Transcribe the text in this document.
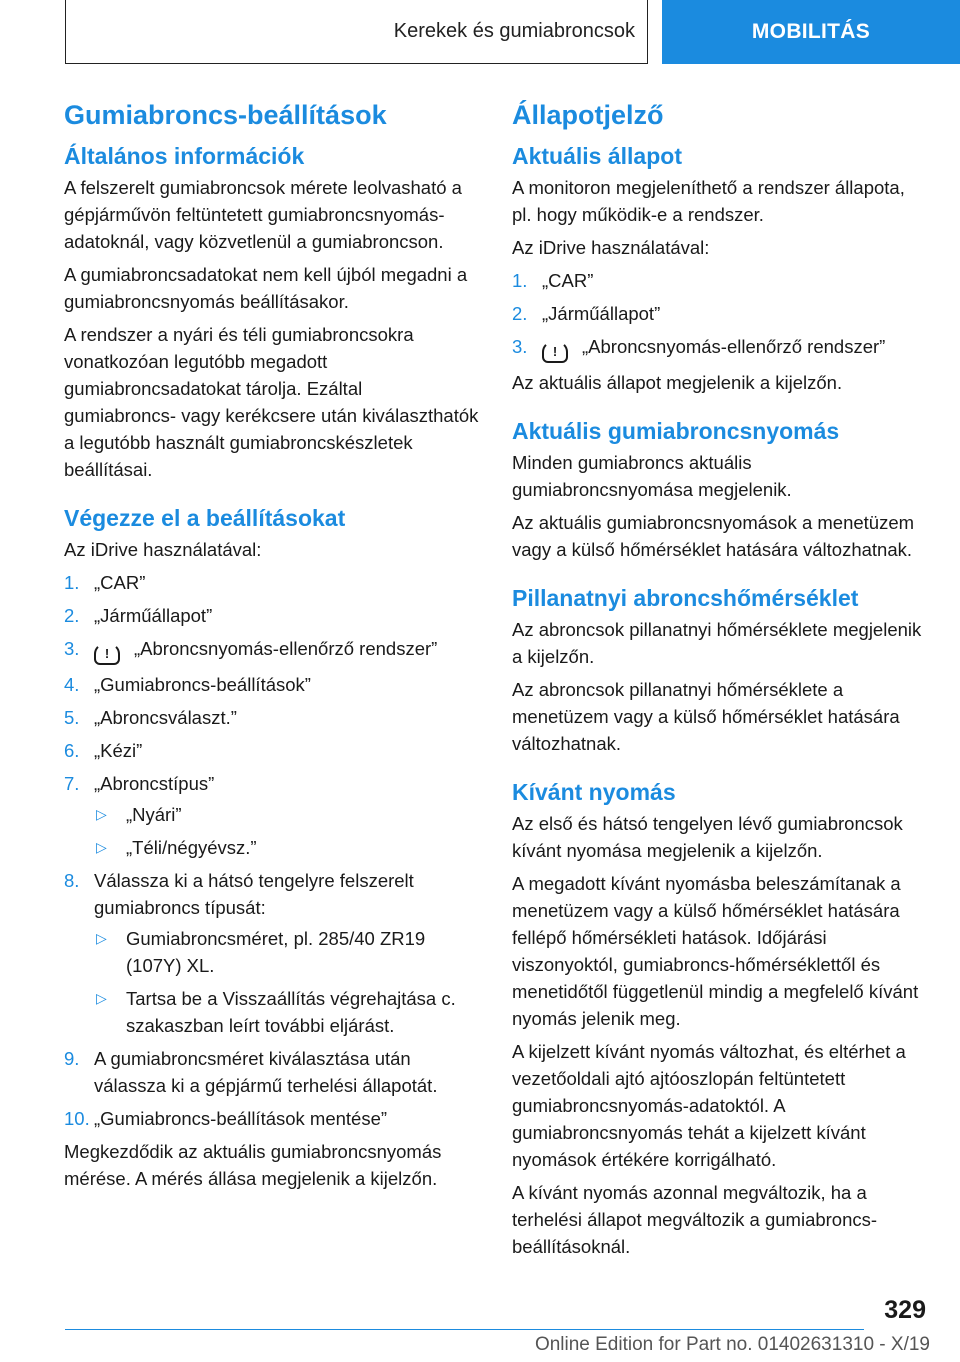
Kerekek és gumiabroncsok	MOBILITÁS
Gumiabroncs-beállítások
Általános információk

A felszerelt gumiabroncsok mérete leolvasható a gépjárművön feltüntetett gumiabroncsnyomás-adatoknál, vagy közvetlenül a gumiabroncson.

A gumiabroncsadatokat nem kell újból megadni a gumiabroncsnyomás beállításakor.

A rendszer a nyári és téli gumiabroncsokra vonatkozóan legutóbb megadott gumiabroncsadatokat tárolja. Ezáltal gumiabroncs- vagy kerékcsere után kiválaszthatók a legutóbb használt gumiabroncskészletek beállításai.

Végezze el a beállításokat

Az iDrive használatával:

1. „CAR”
2. „Járműállapot”
3. ! „Abroncsnyomás-ellenőrző rendszer”
4. „Gumiabroncs-beállítások”
5. „Abroncsválaszt.”
6. „Kézi”
7. „Abroncstípus”
▷ „Nyári”
▷ „Téli/négyévsz.”
8. Válassza ki a hátsó tengelyre felszerelt gumiabroncs típusát:
▷ Gumiabroncsméret, pl. 285/40 ZR19 (107Y) XL.
▷ Tartsa be a Visszaállítás végrehajtása c. szakaszban leírt további eljárást.
9. A gumiabroncsméret kiválasztása után válassza ki a gépjármű terhelési állapotát.
10. „Gumiabroncs-beállítások mentése”

Megkezdődik az aktuális gumiabroncsnyomás mérése. A mérés állása megjelenik a kijelzőn.

Állapotjelző
Aktuális állapot

A monitoron megjeleníthető a rendszer állapota, pl. hogy működik-e a rendszer.

Az iDrive használatával:

1. „CAR”
2. „Járműállapot”
3. ! „Abroncsnyomás-ellenőrző rendszer”

Az aktuális állapot megjelenik a kijelzőn.

Aktuális gumiabroncsnyomás

Minden gumiabroncs aktuális gumiabroncsnyomása megjelenik.

Az aktuális gumiabroncsnyomások a menetüzem vagy a külső hőmérséklet hatására változhatnak.

Pillanatnyi abroncshőmérséklet

Az abroncsok pillanatnyi hőmérséklete megjelenik a kijelzőn.

Az abroncsok pillanatnyi hőmérséklete a menetüzem vagy a külső hőmérséklet hatására változhatnak.

Kívánt nyomás

Az első és hátsó tengelyen lévő gumiabroncsok kívánt nyomása megjelenik a kijelzőn.

A megadott kívánt nyomásba beleszámítanak a menetüzem vagy a külső hőmérséklet hatására fellépő hőmérsékleti hatások. Időjárási viszonyoktól, gumiabroncs-hőmérséklettől és menetidőtől függetlenül mindig a megfelelő kívánt nyomás jelenik meg.

A kijelzett kívánt nyomás változhat, és eltérhet a vezetőoldali ajtó ajtóoszlopán feltüntetett gumiabroncsnyomás-adatoktól. A gumiabroncsnyomás tehát a kijelzett kívánt nyomások értékére korrigálható.

A kívánt nyomás azonnal megváltozik, ha a terhelési állapot megváltozik a gumiabroncs-beállításoknál.

329
Online Edition for Part no. 01402631310 - X/19
